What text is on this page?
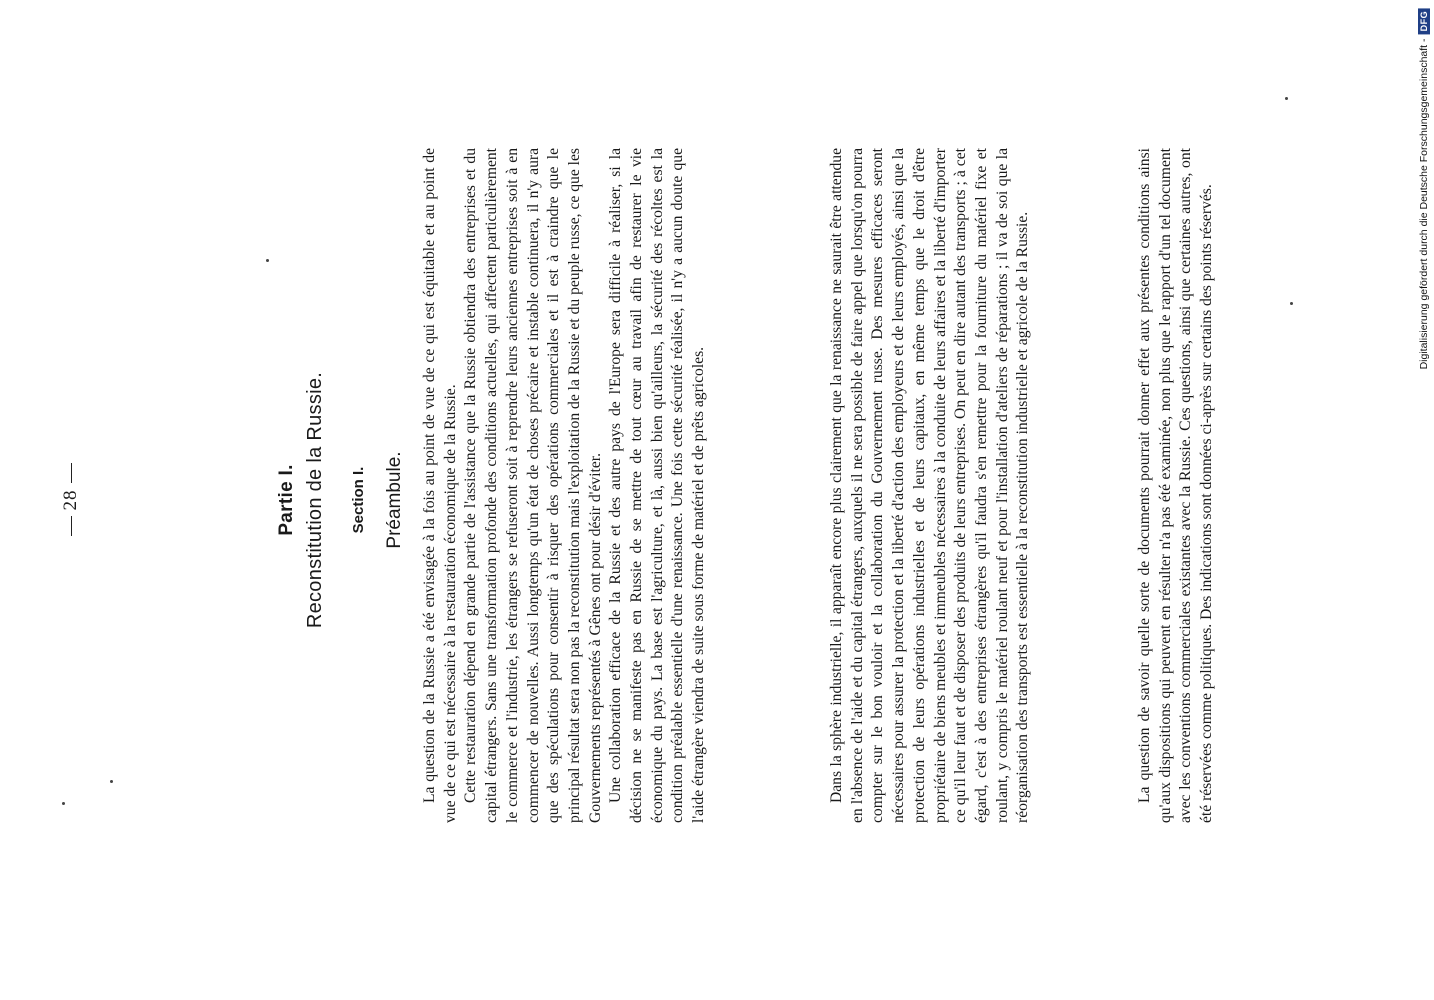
28	Partie I. Reconstitution de la Russie. Section I. Préambule. La question de la Russie a été envisagée à la fois au point de vue de ce qui est équitable et au point de vue de ce qui est nécessaire à la restauration économique de la Russie. Cette restauration dépend en grande partie de l'assistance que la Russie obtiendra des entreprises et du capital étrangers. Sans une transformation profonde des conditions actuelles, qui affectent particulièrement le commerce et l'industrie, les étrangers se refuseront soit à reprendre leurs anciennes entreprises soit à en commencer de nouvelles. Aussi longtemps qu'un état de choses précaire et instable continuera, il n'y aura que des spéculations pour consentir à risquer des opérations commerciales et il est à craindre que le principal résultat sera non pas la reconstitution mais l'exploitation de la Russie et du peuple russe, ce que les Gouvernements représentés à Gênes ont pour désir d'éviter. Une collaboration efficace de la Russie et des autre pays de l'Europe sera difficile à réaliser, si la décision ne se manifeste pas en Russie de se mettre de tout cœur au travail afin de restaurer le vie économique du pays. La base est l'agriculture, et là, aussi bien qu'ailleurs, la sécurité des récoltes est la condition préalable essentielle d'une renaissance. Une fois cette sécurité réalisée, il n'y a aucun doute que l'aide étrangère viendra de suite sous forme de matériel et de prêts agricoles.	Dans la sphère industrielle, il apparaît encore plus clairement que la renaissance ne saurait être attendue en l'absence de l'aide et du capital étrangers, auxquels il ne sera possible de faire appel que lorsqu'on pourra compter sur le bon vouloir et la collaboration du Gouvernement russe. Des mesures efficaces seront nécessaires pour assurer la protection et la liberté d'action des employeurs et de leurs employés, ainsi que la protection de leurs opérations industrielles et de leurs capitaux, en même temps que le droit d'être propriétaire de biens meubles et immeubles nécessaires à la conduite de leurs affaires et la liberté d'importer ce qu'il leur faut et de disposer des produits de leurs entreprises. On peut en dire autant des transports ; à cet égard, c'est à des entreprises étrangères qu'il faudra s'en remettre pour la fourniture du matériel fixe et roulant, y compris le matériel roulant neuf et pour l'installation d'ateliers de réparations ; il va de soi que la réorganisation des transports est essentielle à la reconstitution industrielle et agricole de la Russie.	La question de savoir quelle sorte de documents pourrait donner effet aux présentes conditions ainsi qu'aux dispositions qui peuvent en résulter n'a pas été examinée, non plus que le rapport d'un tel document avec les conventions commerciales existantes avec la Russie. Ces questions, ainsi que certaines autres, ont été réservées comme politiques. Des indications sont données ci-après sur certains des points réservés.	Digitalisierung gefördert durch die Deutsche Forschungsgemeinschaft -
DFG
